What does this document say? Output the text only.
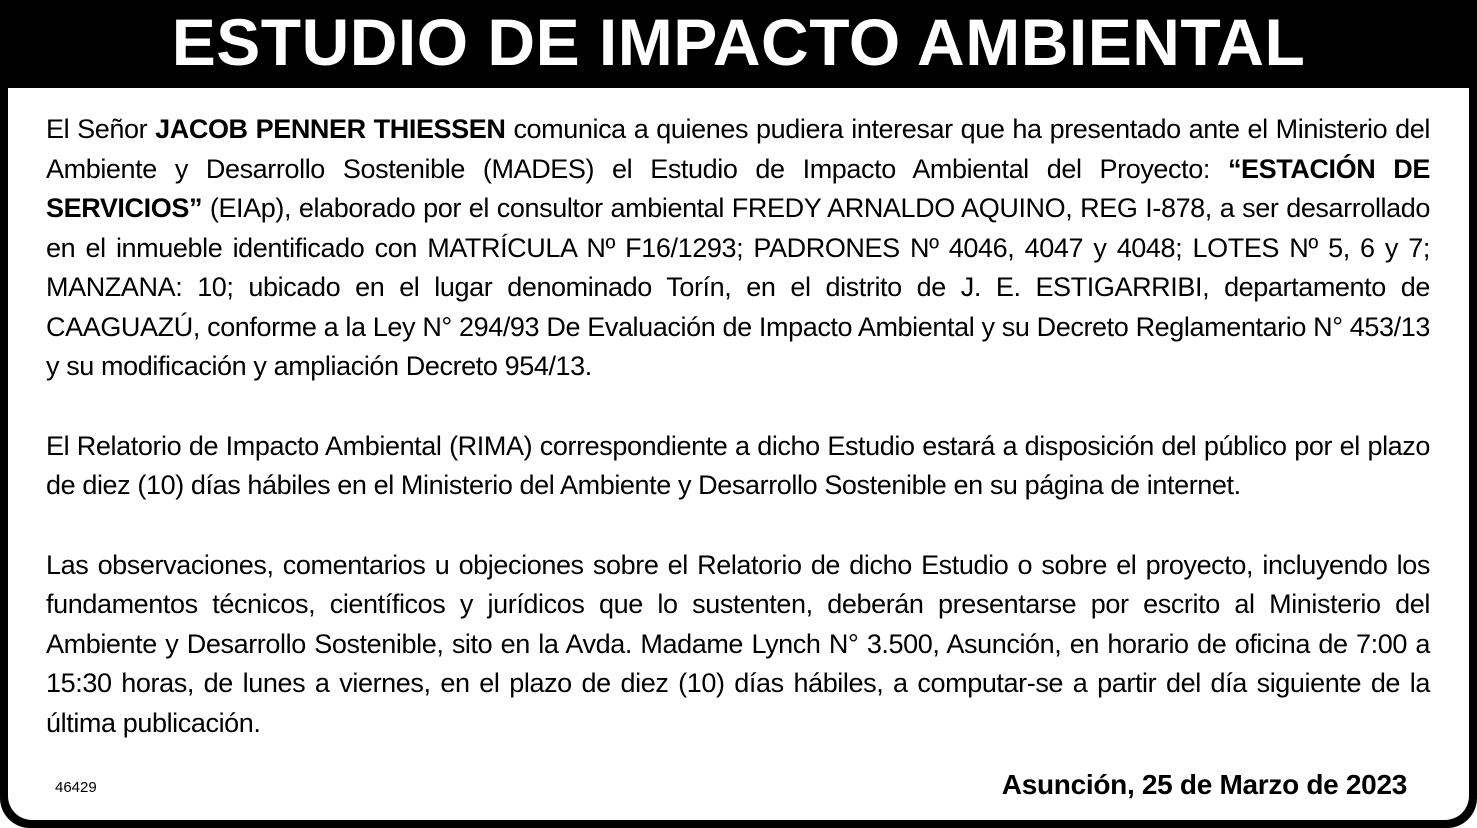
ESTUDIO DE IMPACTO AMBIENTAL

El Señor JACOB PENNER THIESSEN comunica a quienes pudiera interesar que ha presentado ante el Ministerio del Ambiente y Desarrollo Sostenible (MADES) el Estudio de Impacto Ambiental del Proyecto: “ESTACIÓN DE SERVICIOS” (EIAp), elaborado por el consultor ambiental FREDY ARNALDO AQUINO, REG I-878, a ser desarrollado en el inmueble identificado con MATRÍCULA Nº F16/1293; PADRONES Nº 4046, 4047 y 4048; LOTES Nº 5, 6 y 7; MANZANA: 10; ubicado en el lugar denominado Torín, en el distrito de J. E. ESTIGARRIBI, departamento de CAAGUAZÚ, conforme a la Ley N° 294/93 De Evaluación de Impacto Ambiental y su Decreto Reglamentario N° 453/13 y su modificación y ampliación Decreto 954/13.

El Relatorio de Impacto Ambiental (RIMA) correspondiente a dicho Estudio estará a disposición del público por el plazo de diez (10) días hábiles en el Ministerio del Ambiente y Desarrollo Sostenible en su página de internet.

Las observaciones, comentarios u objeciones sobre el Relatorio de dicho Estudio o sobre el proyecto, incluyendo los fundamentos técnicos, científicos y jurídicos que lo sustenten, deberán presentarse por escrito al Ministerio del Ambiente y Desarrollo Sostenible, sito en la Avda. Madame Lynch N° 3.500, Asunción, en horario de oficina de 7:00 a 15:30 horas, de lunes a viernes, en el plazo de diez (10) días hábiles, a computar-se a partir del día siguiente de la última publicación.

46429	Asunción, 25 de Marzo de 2023
